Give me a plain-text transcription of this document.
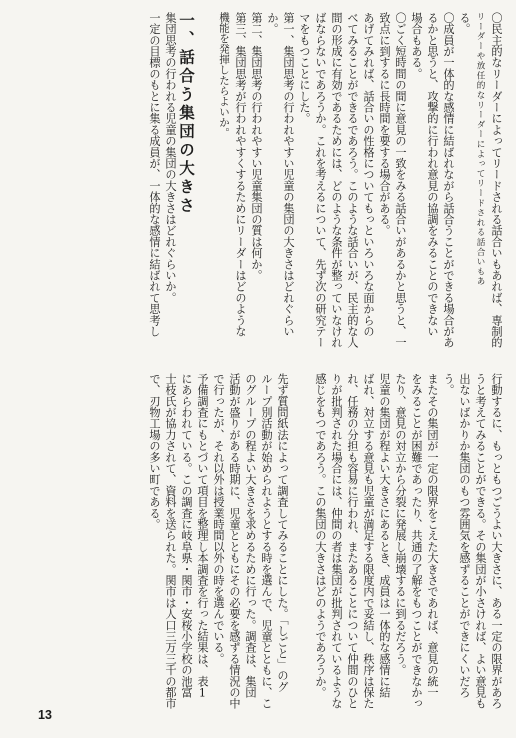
〇民主的なリーダーによってリードされる話合いもあれば、専制的
リーダーや放任的なリーダーによってリードされる話合いもあ
る。
〇成員が一体的な感情に結ばれながら話合うことができる場合があ
るかと思うと、攻撃的に行われ意見の協調をみることのできない
場合もある。
〇ごく短時間の間に意見の一致をみる話合いがあるかと思うと、一
致点に到するに長時間を要する場合がある。
あげてみれば、話合いの性格についてもっといろいろな面からの
べてみることができるであろう。このような話合いが、民主的な人
間の形成に有効であるためには、どのような条件が整っていなけれ
ばならないであろうか。これを考えるについて、先ず次の研究テー
マをもつことにした。
第一、集団思考の行われやすい児童の集団の大きさはどれぐらい
か。
第二、集団思考の行われやすい児童集団の質は何か。
第三、集団思考が行われやすくするためにリーダーはどのような
機能を発揮したらよいか。
一、話合う集団の大きさ
集団思考の行われる児童の集団の大きさはどれぐらいか。
一定の目標のもとに集る成員が、一体的な感情に結ばれて思考し
行動するに、もっともつごうよい大きさに、ある一定の限界があろ
うと考えてみることができる。その集団が小さければ、よい意見も
出ないばかりか集団のもつ雰囲気を感ずることができにくいだろ
う。
またその集団が一定の限界をこえた大きさであれば、意見の統一
をみることが困難であったり、共通の了解をもつことができなかっ
たり、意見の対立から分裂に発展し崩壊するに到るだろう。
児童の集団が程よい大きさにあるとき、成員は一体的な感情に結
ばれ、対立する意見も児童が満足する限度内で妥結し、秩序は保た
れ、任務の分担も容易に行われ、またあることについて仲間のひと
りが批判された場合には、仲間の者は集団が批判されているような
感じをもつであろう。この集団の大きさはどのようであろうか。
先ず質問紙法によって調査してみることにした。「しごと」のグ
ループ別活動が始められようとする時を選んで、児童とともに、こ
のグループの程よい大きさを求めるために行った。調査は、集団
活動が盛りがある時期に、児童とともにその必要を感ずる情況の中
で行ったが、それ以外は授業時間以外の時を選んでいる。
予備調査にもとづいて項目を整理し本調査を行った結果は、表1
にあらわれている。この調査に岐阜県・関市・安桜小学校の池富
士枝氏が協力されて、資料を送られた。関市は人口三万三千の都市
で、刃物工場の多い町である。
13
